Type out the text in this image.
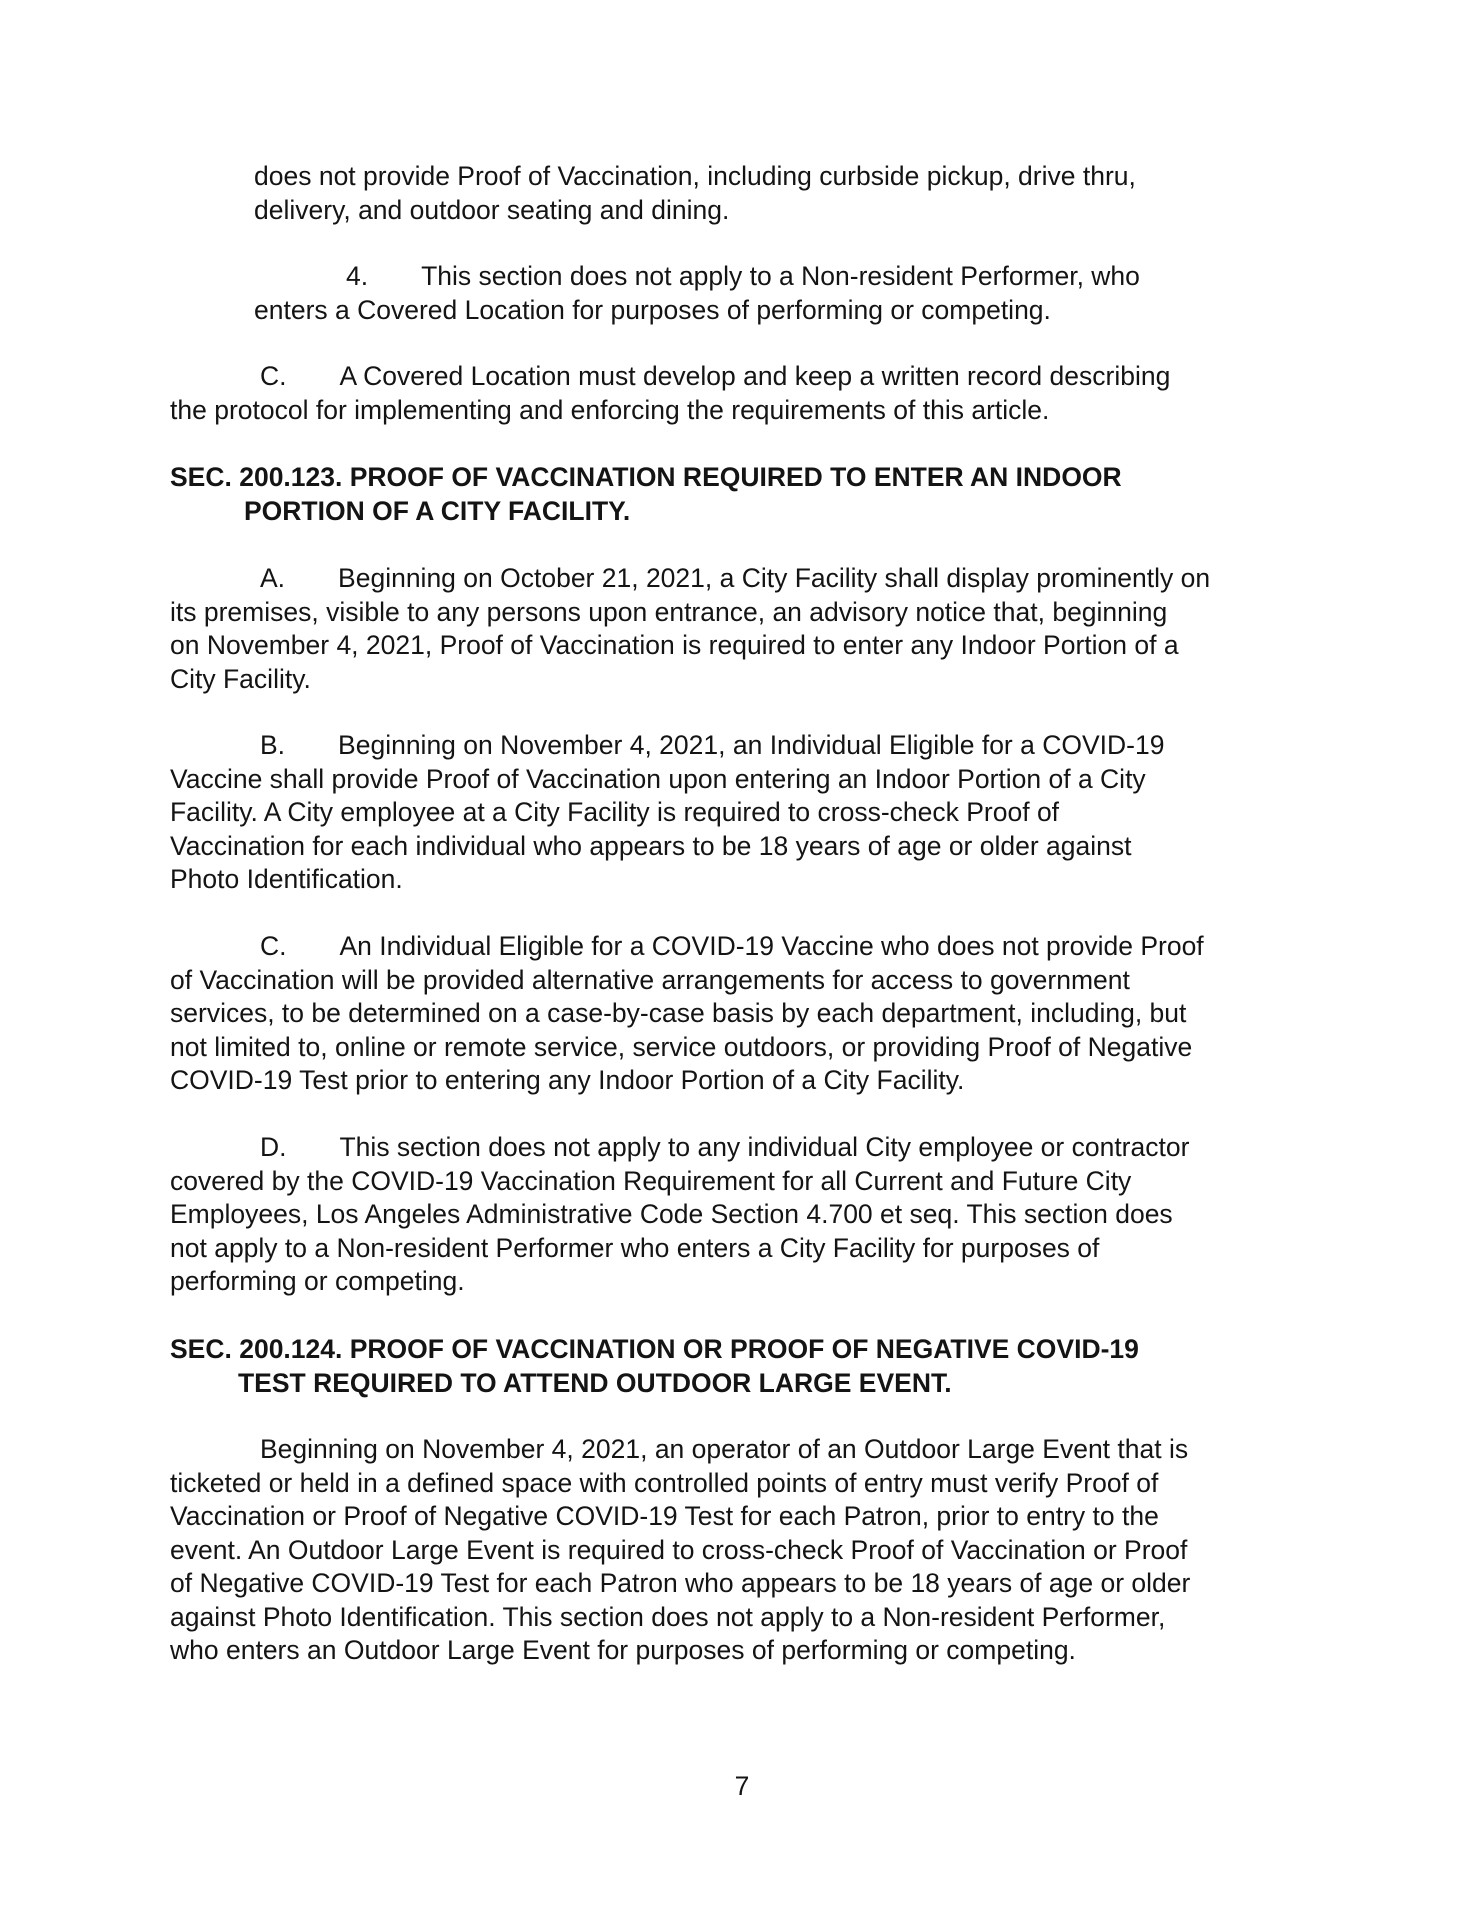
does not provide Proof of Vaccination, including curbside pickup, drive thru,
delivery, and outdoor seating and dining.

4.  This section does not apply to a Non-resident Performer, who
enters a Covered Location for purposes of performing or competing.

C.  A Covered Location must develop and keep a written record describing
the protocol for implementing and enforcing the requirements of this article.

SEC. 200.123. PROOF OF VACCINATION REQUIRED TO ENTER AN INDOOR
PORTION OF A CITY FACILITY.

A.  Beginning on October 21, 2021, a City Facility shall display prominently on
its premises, visible to any persons upon entrance, an advisory notice that, beginning
on November 4, 2021, Proof of Vaccination is required to enter any Indoor Portion of a
City Facility.

B.  Beginning on November 4, 2021, an Individual Eligible for a COVID-19
Vaccine shall provide Proof of Vaccination upon entering an Indoor Portion of a City
Facility. A City employee at a City Facility is required to cross-check Proof of
Vaccination for each individual who appears to be 18 years of age or older against
Photo Identification.

C.  An Individual Eligible for a COVID-19 Vaccine who does not provide Proof
of Vaccination will be provided alternative arrangements for access to government
services, to be determined on a case-by-case basis by each department, including, but
not limited to, online or remote service, service outdoors, or providing Proof of Negative
COVID-19 Test prior to entering any Indoor Portion of a City Facility.

D.  This section does not apply to any individual City employee or contractor
covered by the COVID-19 Vaccination Requirement for all Current and Future City
Employees, Los Angeles Administrative Code Section 4.700 et seq. This section does
not apply to a Non-resident Performer who enters a City Facility for purposes of
performing or competing.

SEC. 200.124. PROOF OF VACCINATION OR PROOF OF NEGATIVE COVID-19
TEST REQUIRED TO ATTEND OUTDOOR LARGE EVENT.

Beginning on November 4, 2021, an operator of an Outdoor Large Event that is
ticketed or held in a defined space with controlled points of entry must verify Proof of
Vaccination or Proof of Negative COVID-19 Test for each Patron, prior to entry to the
event. An Outdoor Large Event is required to cross-check Proof of Vaccination or Proof
of Negative COVID-19 Test for each Patron who appears to be 18 years of age or older
against Photo Identification. This section does not apply to a Non-resident Performer,
who enters an Outdoor Large Event for purposes of performing or competing.

7
